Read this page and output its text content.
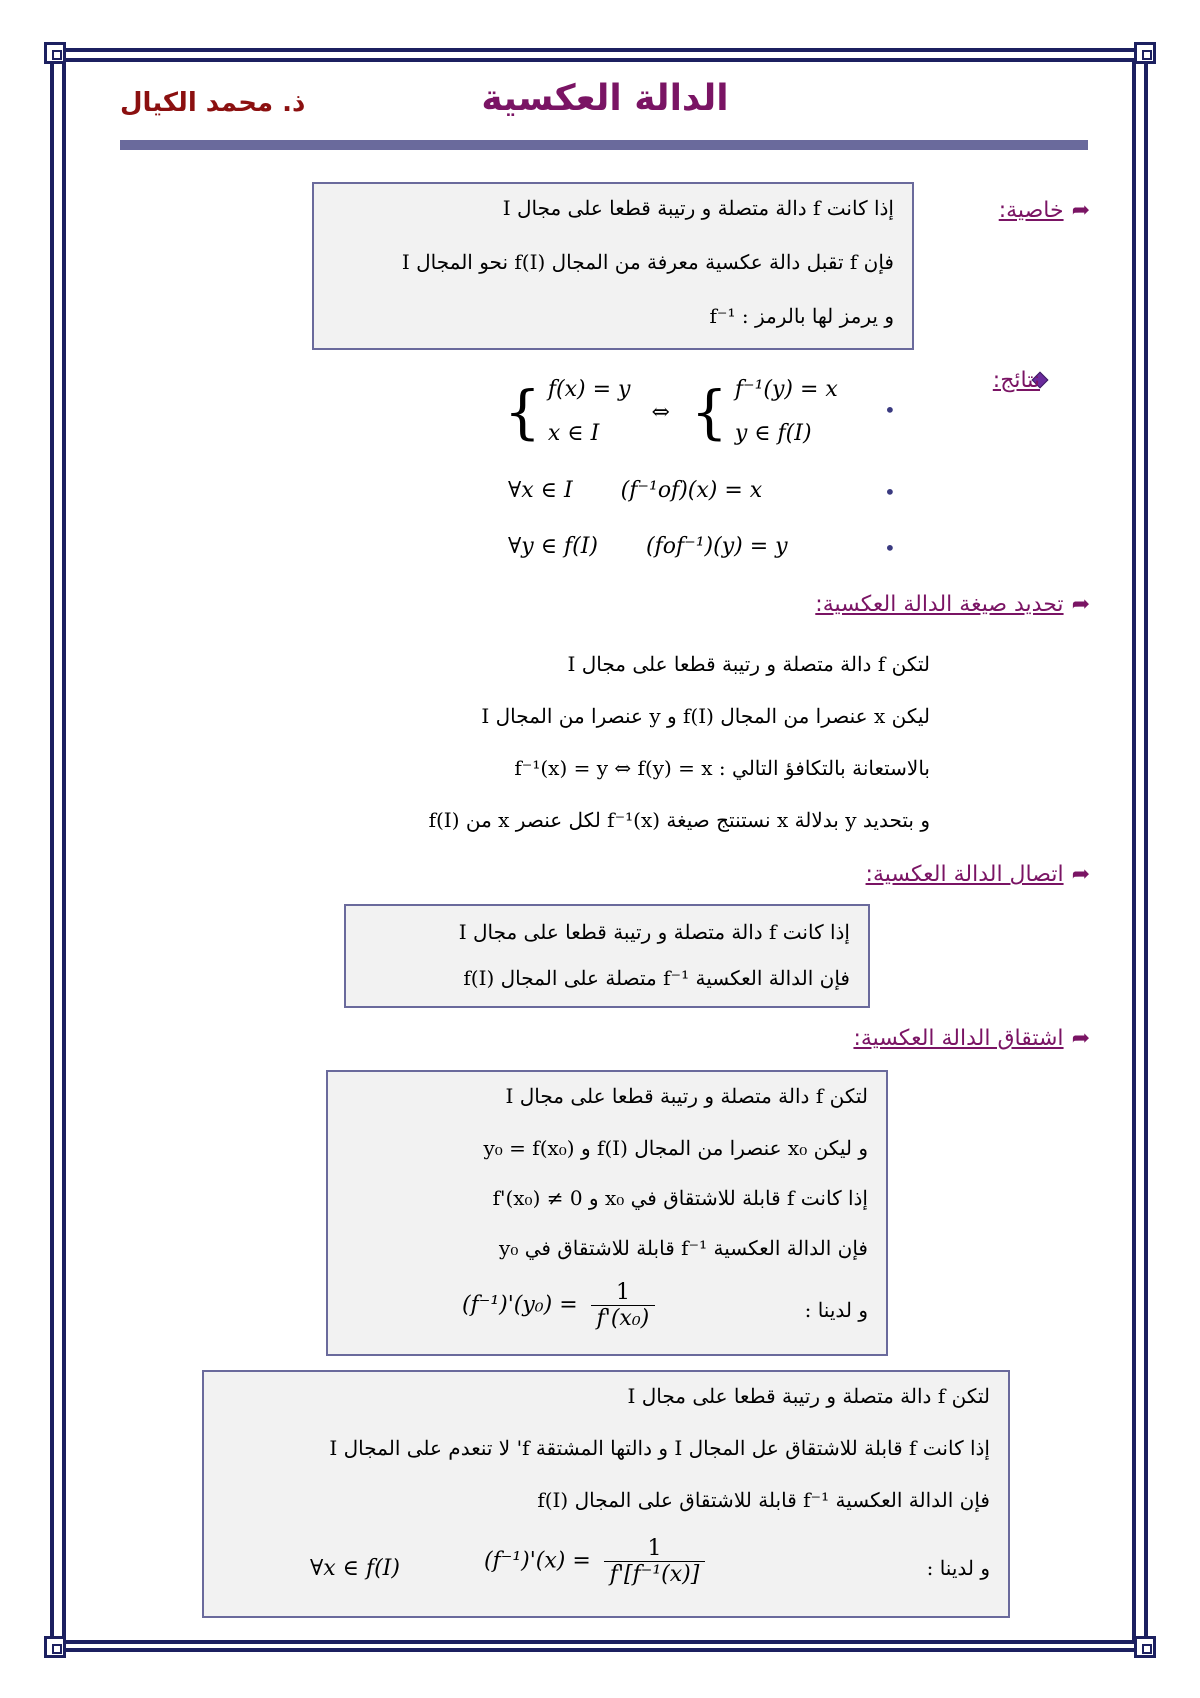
ذ. محمد الكيال	الدالة العكسية
➦خاصية:
إذا كانت f دالة متصلة و رتيبة قطعا على مجال I
فإن f تقبل دالة عكسية معرفة من المجال f(I) نحو المجال I
و يرمز لها بالرمز : f⁻¹
نتائج:
•
{ f(x) = y
x ∈ I ⇔ { f⁻¹(y) = x
y ∈ f(I)
•
∀x ∈ I (f⁻¹of)(x) = x
•
∀y ∈ f(I) (fof⁻¹)(y) = y
➦تحديد صيغة الدالة العكسية:
لتكن f دالة متصلة و رتيبة قطعا على مجال I
ليكن x عنصرا من المجال f(I) و y عنصرا من المجال I
بالاستعانة بالتكافؤ التالي : f⁻¹(x) = y ⇔ f(y) = x
و بتحديد y بدلالة x نستنتج صيغة f⁻¹(x) لكل عنصر x من f(I)
➦اتصال الدالة العكسية:
إذا كانت f دالة متصلة و رتيبة قطعا على مجال I
فإن الدالة العكسية f⁻¹ متصلة على المجال f(I)
➦اشتقاق الدالة العكسية:
لتكن f دالة متصلة و رتيبة قطعا على مجال I
و ليكن x₀ عنصرا من المجال f(I) و y₀ = f(x₀)
إذا كانت f قابلة للاشتقاق في x₀ و f'(x₀) ≠ 0
فإن الدالة العكسية f⁻¹ قابلة للاشتقاق في y₀
و لدينا :
$(f^{-1})'(y_0) = \frac{1}{\text{f'(x₀)}}$
لتكن f دالة متصلة و رتيبة قطعا على مجال I
إذا كانت f قابلة للاشتقاق عل المجال I و دالتها المشتقة f' لا تنعدم على المجال I
فإن الدالة العكسية f⁻¹ قابلة للاشتقاق على المجال f(I)
و لدينا :
$(f^{-1})'(x) = \frac{1}{\text{f'[f⁻¹(x)]}}$
∀x ∈ f(I)
